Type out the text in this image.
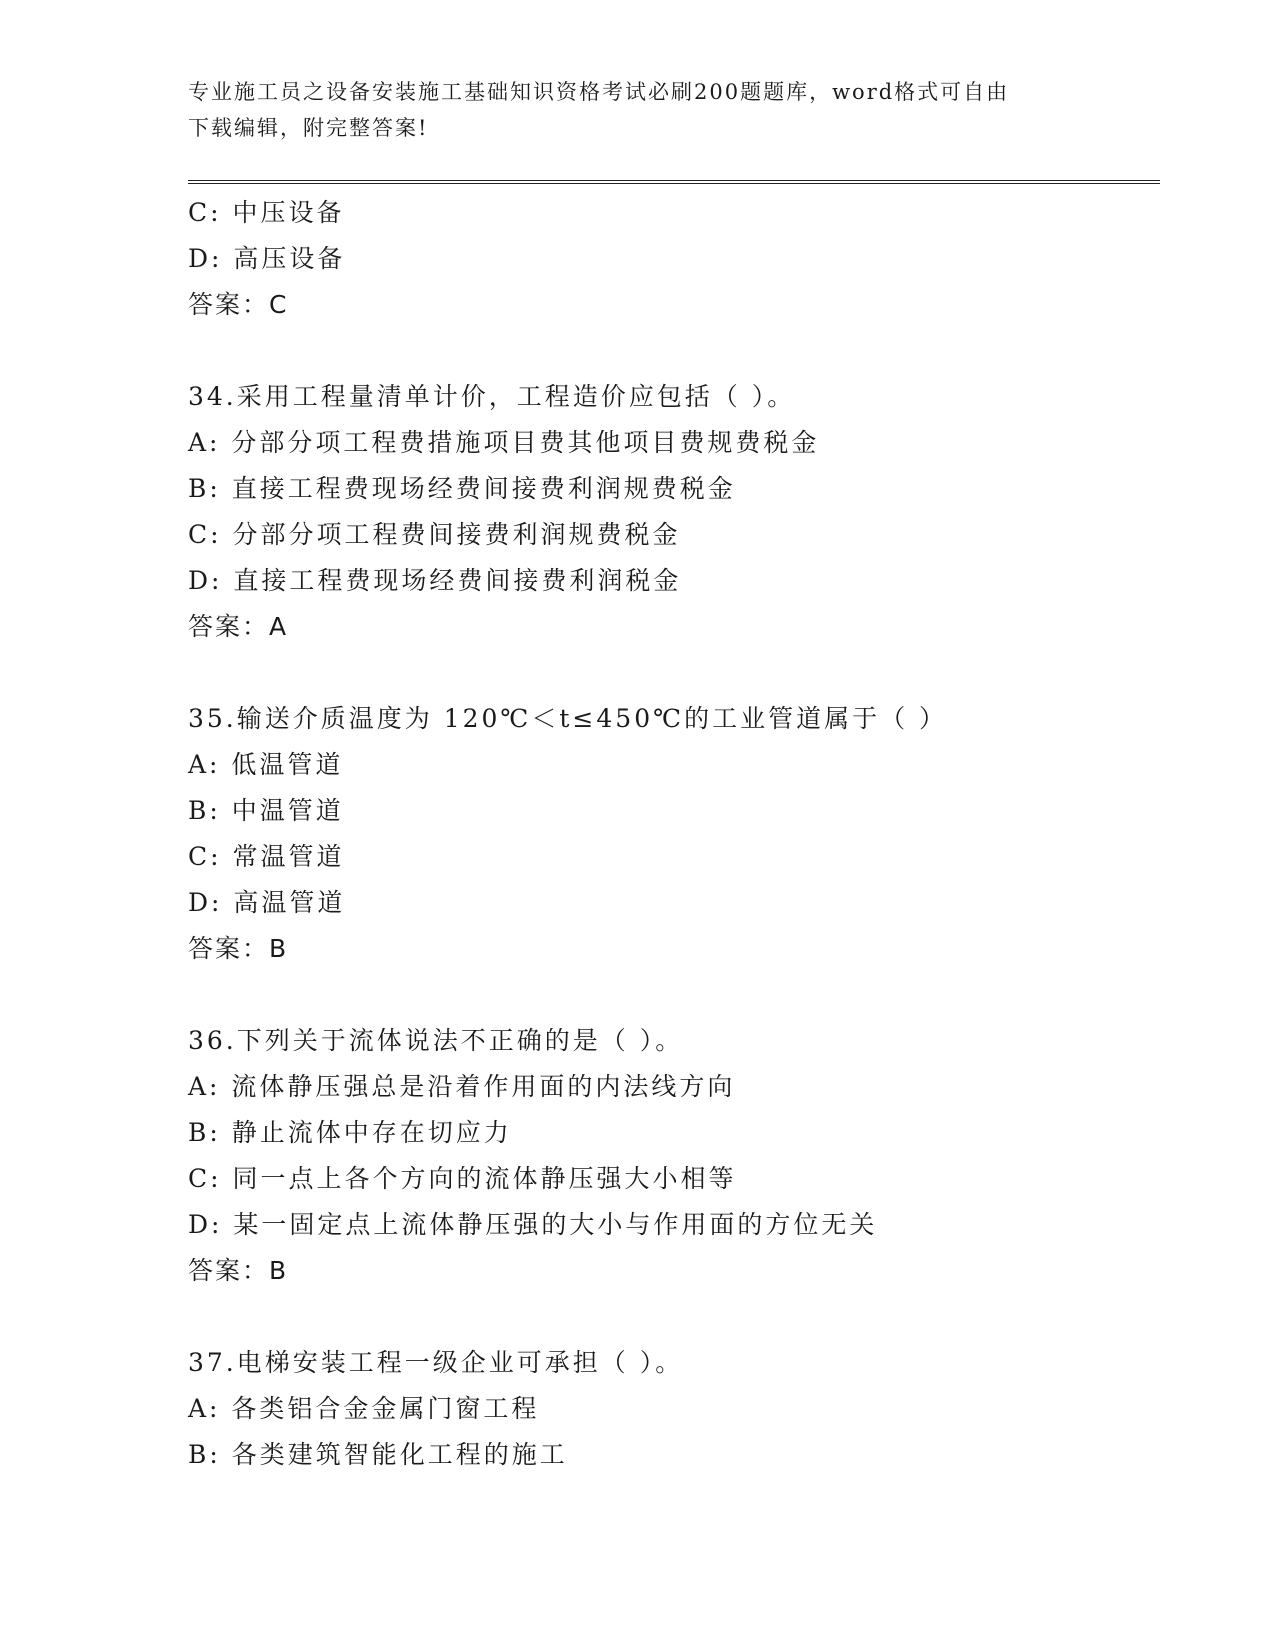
专业施工员之设备安装施工基础知识资格考试必刷200题题库，word格式可自由
下载编辑，附完整答案!
C: 中压设备
D: 高压设备
答案：C
34.采用工程量清单计价，工程造价应包括（ ）。
A: 分部分项工程费措施项目费其他项目费规费税金
B: 直接工程费现场经费间接费利润规费税金
C: 分部分项工程费间接费利润规费税金
D: 直接工程费现场经费间接费利润税金
答案：A
35.输送介质温度为 120℃＜t≤450℃的工业管道属于（ ）
A: 低温管道
B: 中温管道
C: 常温管道
D: 高温管道
答案：B
36.下列关于流体说法不正确的是（ ）。
A: 流体静压强总是沿着作用面的内法线方向
B: 静止流体中存在切应力
C: 同一点上各个方向的流体静压强大小相等
D: 某一固定点上流体静压强的大小与作用面的方位无关
答案：B
37.电梯安装工程一级企业可承担（ ）。
A: 各类铝合金金属门窗工程
B: 各类建筑智能化工程的施工
